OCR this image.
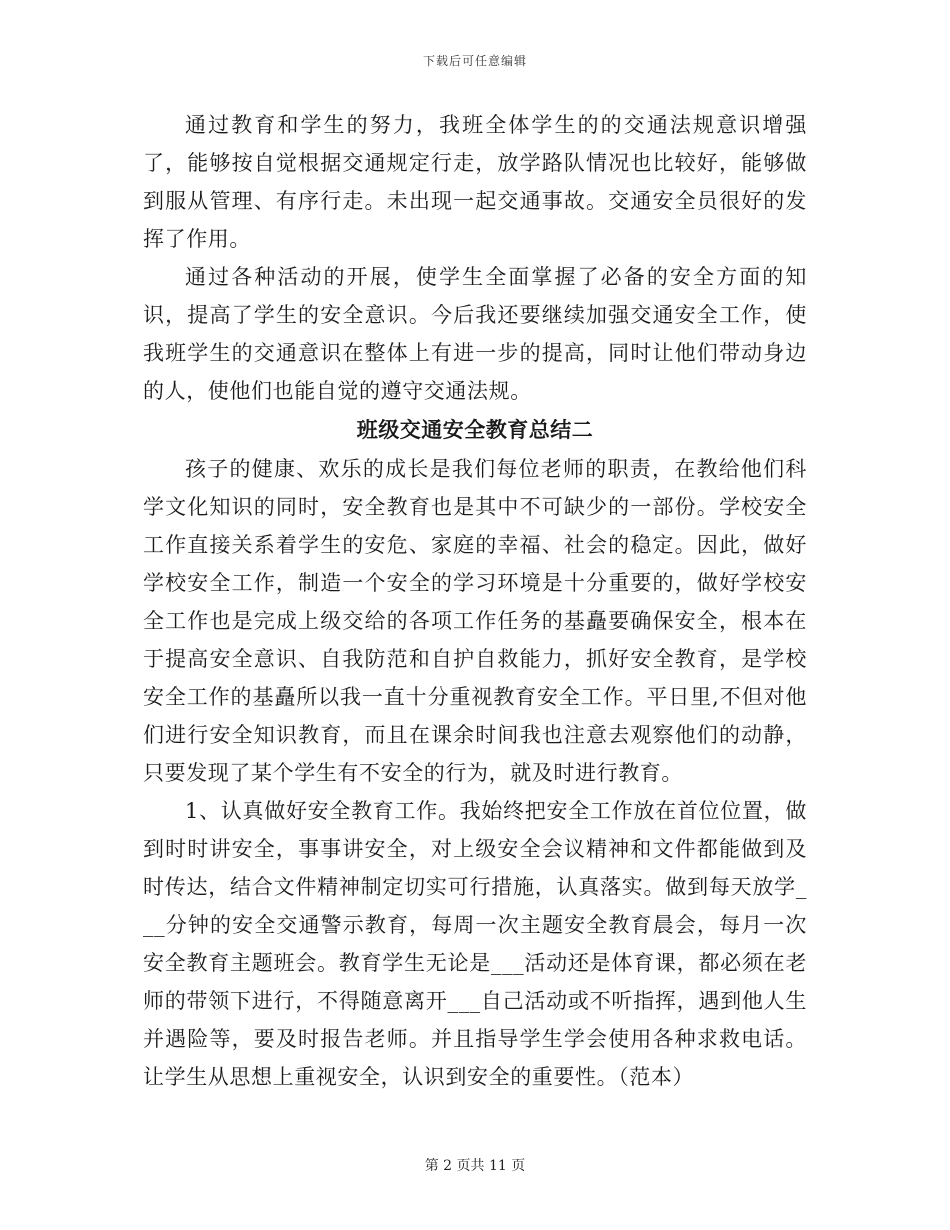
下载后可任意编辑

通过教育和学生的努力，我班全体学生的的交通法规意识增强了，能够按自觉根据交通规定行走，放学路队情况也比较好，能够做到服从管理、有序行走。未出现一起交通事故。交通安全员很好的发挥了作用。

通过各种活动的开展，使学生全面掌握了必备的安全方面的知识，提高了学生的安全意识。今后我还要继续加强交通安全工作，使我班学生的交通意识在整体上有进一步的提高，同时让他们带动身边的人，使他们也能自觉的遵守交通法规。

班级交通安全教育总结二

孩子的健康、欢乐的成长是我们每位老师的职责，在教给他们科学文化知识的同时，安全教育也是其中不可缺少的一部份。学校安全工作直接关系着学生的安危、家庭的幸福、社会的稳定。因此，做好学校安全工作，制造一个安全的学习环境是十分重要的，做好学校安全工作也是完成上级交给的各项工作任务的基矗要确保安全，根本在于提高安全意识、自我防范和自护自救能力，抓好安全教育，是学校安全工作的基矗所以我一直十分重视教育安全工作。平日里,不但对他们进行安全知识教育，而且在课余时间我也注意去观察他们的动静，只要发现了某个学生有不安全的行为，就及时进行教育。

1、认真做好安全教育工作。我始终把安全工作放在首位位置，做到时时讲安全，事事讲安全，对上级安全会议精神和文件都能做到及时传达，结合文件精神制定切实可行措施，认真落实。做到每天放学___分钟的安全交通警示教育，每周一次主题安全教育晨会，每月一次安全教育主题班会。教育学生无论是___活动还是体育课，都必须在老师的带领下进行，不得随意离开___自己活动或不听指挥，遇到他人生并遇险等，要及时报告老师。并且指导学生学会使用各种求救电话。让学生从思想上重视安全，认识到安全的重要性。（范本）

第 2 页共 11 页
